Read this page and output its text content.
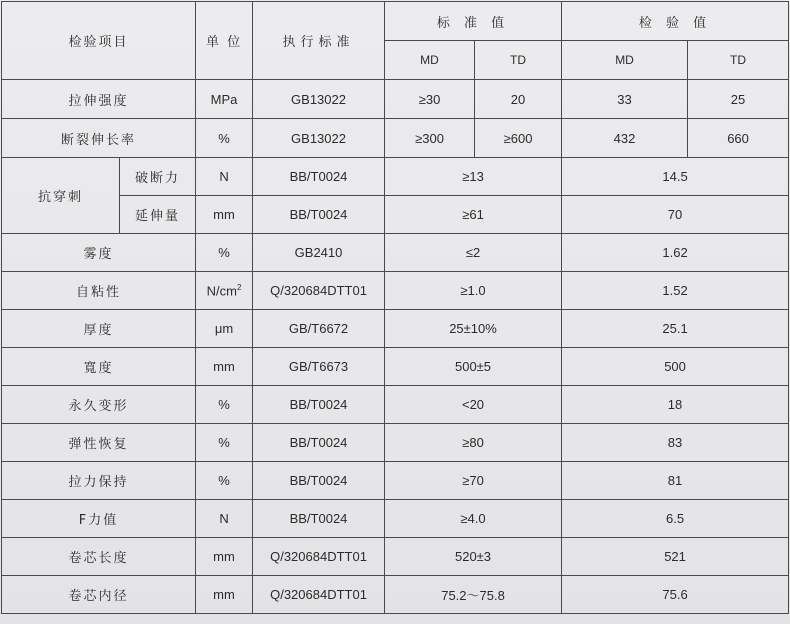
检验项目		单 位	执行标准	标 准 值		检 验 值	
				MD	TD	MD	TD
拉伸强度		MPa	GB13022	≥30	20	33	25
断裂伸长率		%	GB13022	≥300	≥600	432	660
抗穿刺	破断力	N	BB/T0024	≥13		14.5	
	延伸量	mm	BB/T0024	≥61		70	
雾度		%	GB2410	≤2		1.62	
自粘性		$N/cm^2$	Q/320684DTT01	≥1.0		1.52	
厚度		μm	GB/T6672	25±10%		25.1	
寬度		mm	GB/T6673	500±5		500	
永久变形		%	BB/T0024	<20		18	
弹性恢复		%	BB/T0024	≥80		83	
拉力保持		%	BB/T0024	≥70		81	
F力值		N	BB/T0024	≥4.0		6.5	
卷芯长度		mm	Q/320684DTT01	520±3		521	
卷芯内径		mm	Q/320684DTT01	75.2～75.8		75.6	
